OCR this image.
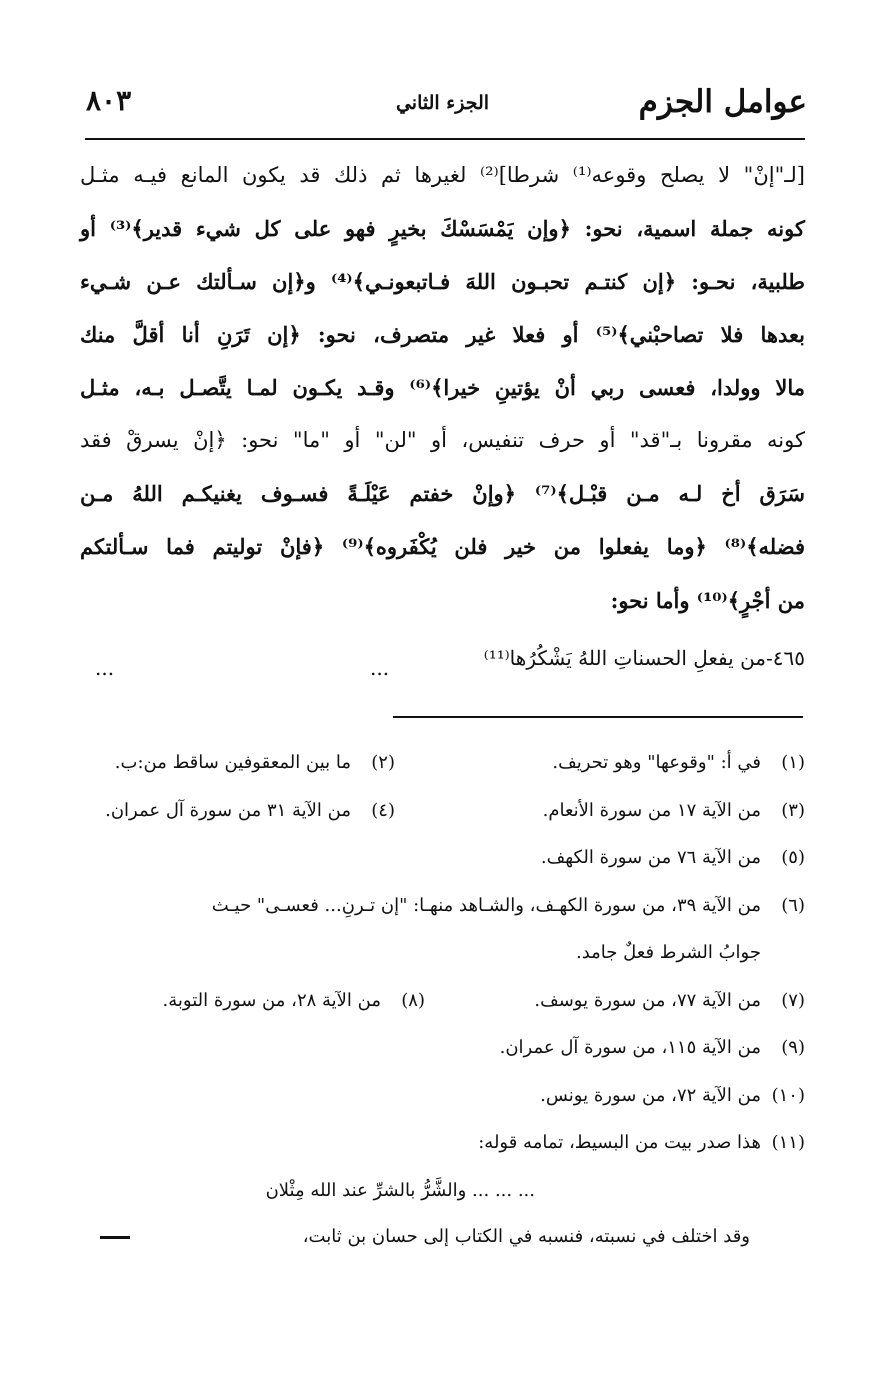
عوامل الجزم
الجزء الثاني
٨٠٣
[لـ"إنْ" لا يصلح وقوعه⁽¹⁾ شرطا]⁽²⁾ لغيرها ثم ذلك قد يكون المانع فيـه مثـل
كونه جملة اسمية، نحو: ﴿وإن يَمْسَسْكَ بخيرٍ فهو على كل شيء قدير﴾⁽³⁾ أو
طلبية، نحـو: ﴿إن كنتـم تحبـون اللهَ فـاتبعونـي﴾⁽⁴⁾ و﴿إن سـألتك عـن شـيء
بعدها فلا تصاحبْني﴾⁽⁵⁾ أو فعلا غير متصرف، نحو: ﴿إن تَرَنِ أنا أقلَّ منك
مالا وولدا، فعسى ربي أنْ يؤتينِ خيرا﴾⁽⁶⁾ وقـد يكـون لمـا يتَّصـل بـه، مثـل
كونه مقرونا بـ"قد" أو حرف تنفيس، أو "لن" أو "ما" نحو: ﴿إنْ يسرقْ فقد
سَرَق أخ لـه مـن قبْـل﴾⁽⁷⁾ ﴿وإنْ خفتم عَيْلَـةً فسـوف يغنيكـم اللهُ مـن
فضله﴾⁽⁸⁾ ﴿وما يفعلوا من خير فلن يُكْفَروه﴾⁽⁹⁾ ﴿فإنْ توليتم فما سـألتكم
من أجْرٍ﴾⁽¹⁰⁾ وأما نحو:
٤٦٥-من يفعلِ الحسناتِ اللهُ يَشْكُرُها⁽¹¹⁾
...
...
(١)في أ: "وقوعها" وهو تحريف.
(٢)ما بين المعقوفين ساقط من:ب.
(٣)من الآية ١٧ من سورة الأنعام.
(٤)من الآية ٣١ من سورة آل عمران.
(٥)من الآية ٧٦ من سورة الكهف.
(٦)من الآية ٣٩، من سورة الكهـف، والشـاهد منهـا: "إن تـرنِ... فعسـى" حيـث
جوابُ الشرط فعلٌ جامد.
(٧)من الآية ٧٧، من سورة يوسف.
(٨)من الآية ٢٨، من سورة التوبة.
(٩)من الآية ١١٥، من سورة آل عمران.
(١٠)من الآية ٧٢، من سورة يونس.
(١١)هذا صدر بيت من البسيط، تمامه قوله:
... ... ... والشَّرُّ بالشرِّ عند الله مِثْلان
وقد اختلف في نسبته، فنسبه في الكتاب إلى حسان بن ثابت،
